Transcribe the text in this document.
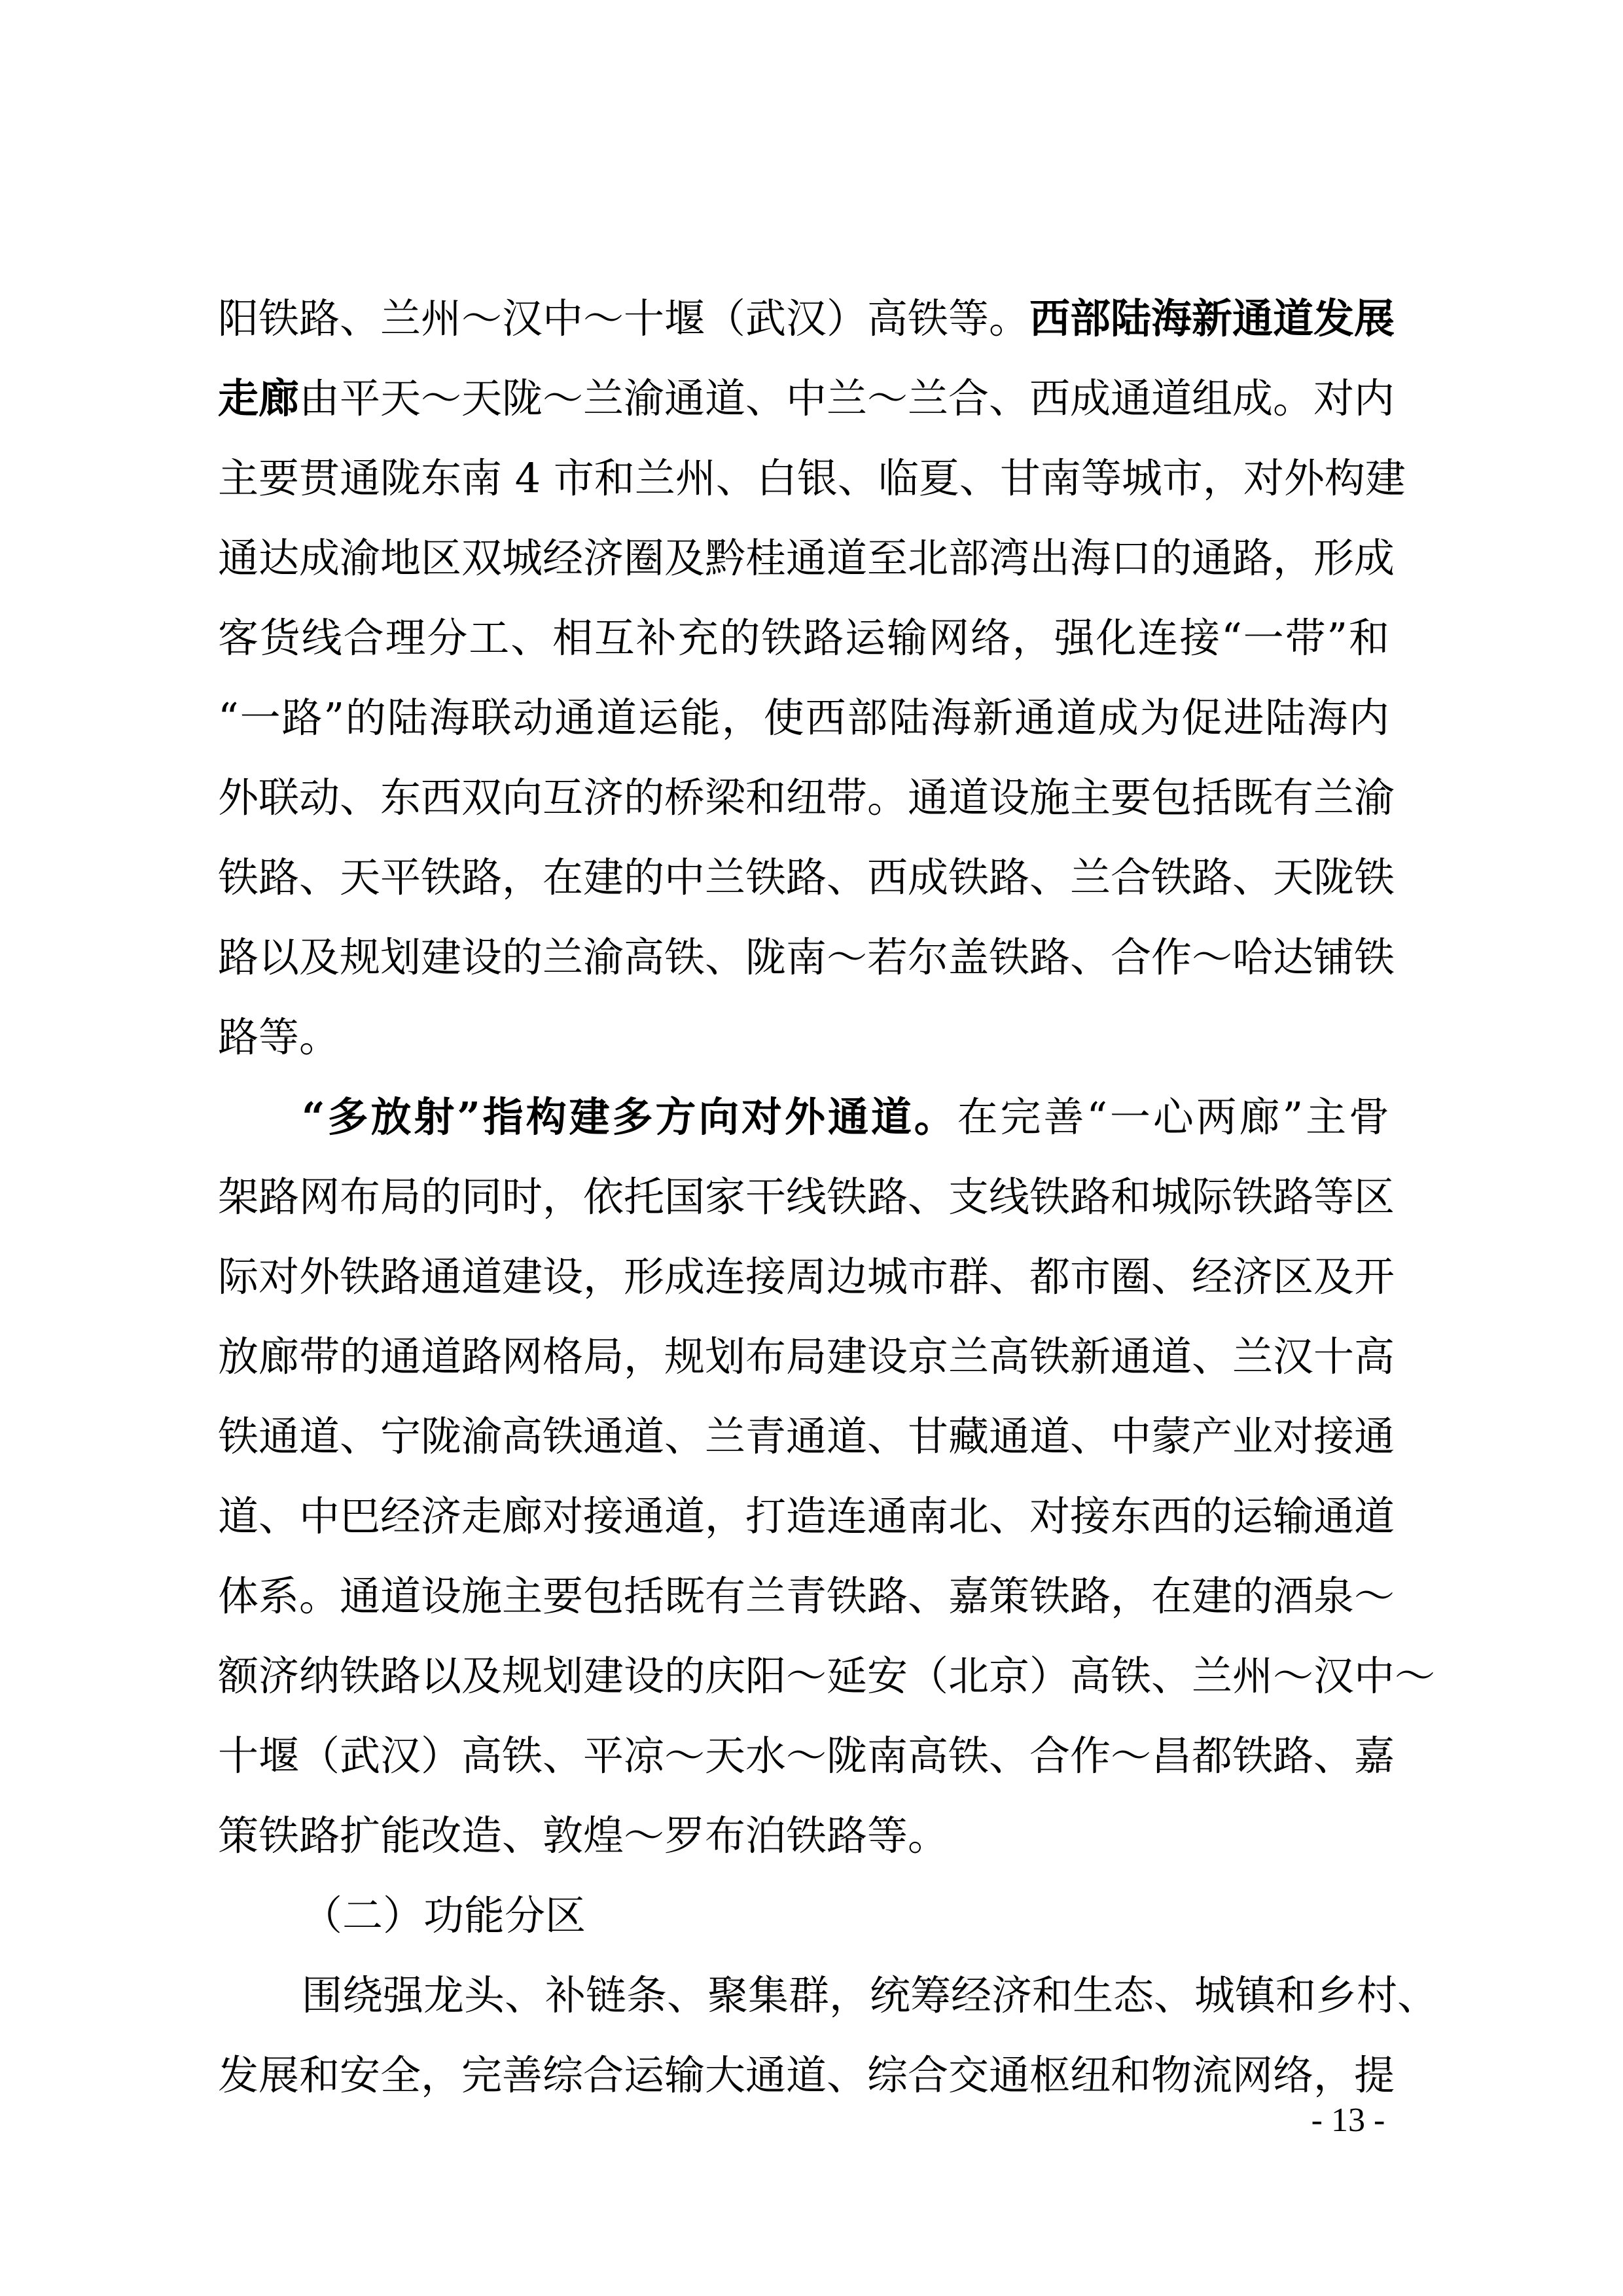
阳铁路、兰州～汉中～十堰（武汉）高铁等。西部陆海新通道发展
走廊由平天～天陇～兰渝通道、中兰～兰合、西成通道组成。对内
主要贯通陇东南 4 市和兰州、白银、临夏、甘南等城市，对外构建
通达成渝地区双城经济圈及黔桂通道至北部湾出海口的通路，形成
客货线合理分工、相互补充的铁路运输网络，强化连接“一带”和
“一路”的陆海联动通道运能，使西部陆海新通道成为促进陆海内
外联动、东西双向互济的桥梁和纽带。通道设施主要包括既有兰渝
铁路、天平铁路，在建的中兰铁路、西成铁路、兰合铁路、天陇铁
路以及规划建设的兰渝高铁、陇南～若尔盖铁路、合作～哈达铺铁
路等。
“多放射”指构建多方向对外通道。在完善“一心两廊”主骨
架路网布局的同时，依托国家干线铁路、支线铁路和城际铁路等区
际对外铁路通道建设，形成连接周边城市群、都市圈、经济区及开
放廊带的通道路网格局，规划布局建设京兰高铁新通道、兰汉十高
铁通道、宁陇渝高铁通道、兰青通道、甘藏通道、中蒙产业对接通
道、中巴经济走廊对接通道，打造连通南北、对接东西的运输通道
体系。通道设施主要包括既有兰青铁路、嘉策铁路，在建的酒泉～
额济纳铁路以及规划建设的庆阳～延安（北京）高铁、兰州～汉中～
十堰（武汉）高铁、平凉～天水～陇南高铁、合作～昌都铁路、嘉
策铁路扩能改造、敦煌～罗布泊铁路等。
（二）功能分区
围绕强龙头、补链条、聚集群，统筹经济和生态、城镇和乡村、
发展和安全，完善综合运输大通道、综合交通枢纽和物流网络，提
- 13 -
